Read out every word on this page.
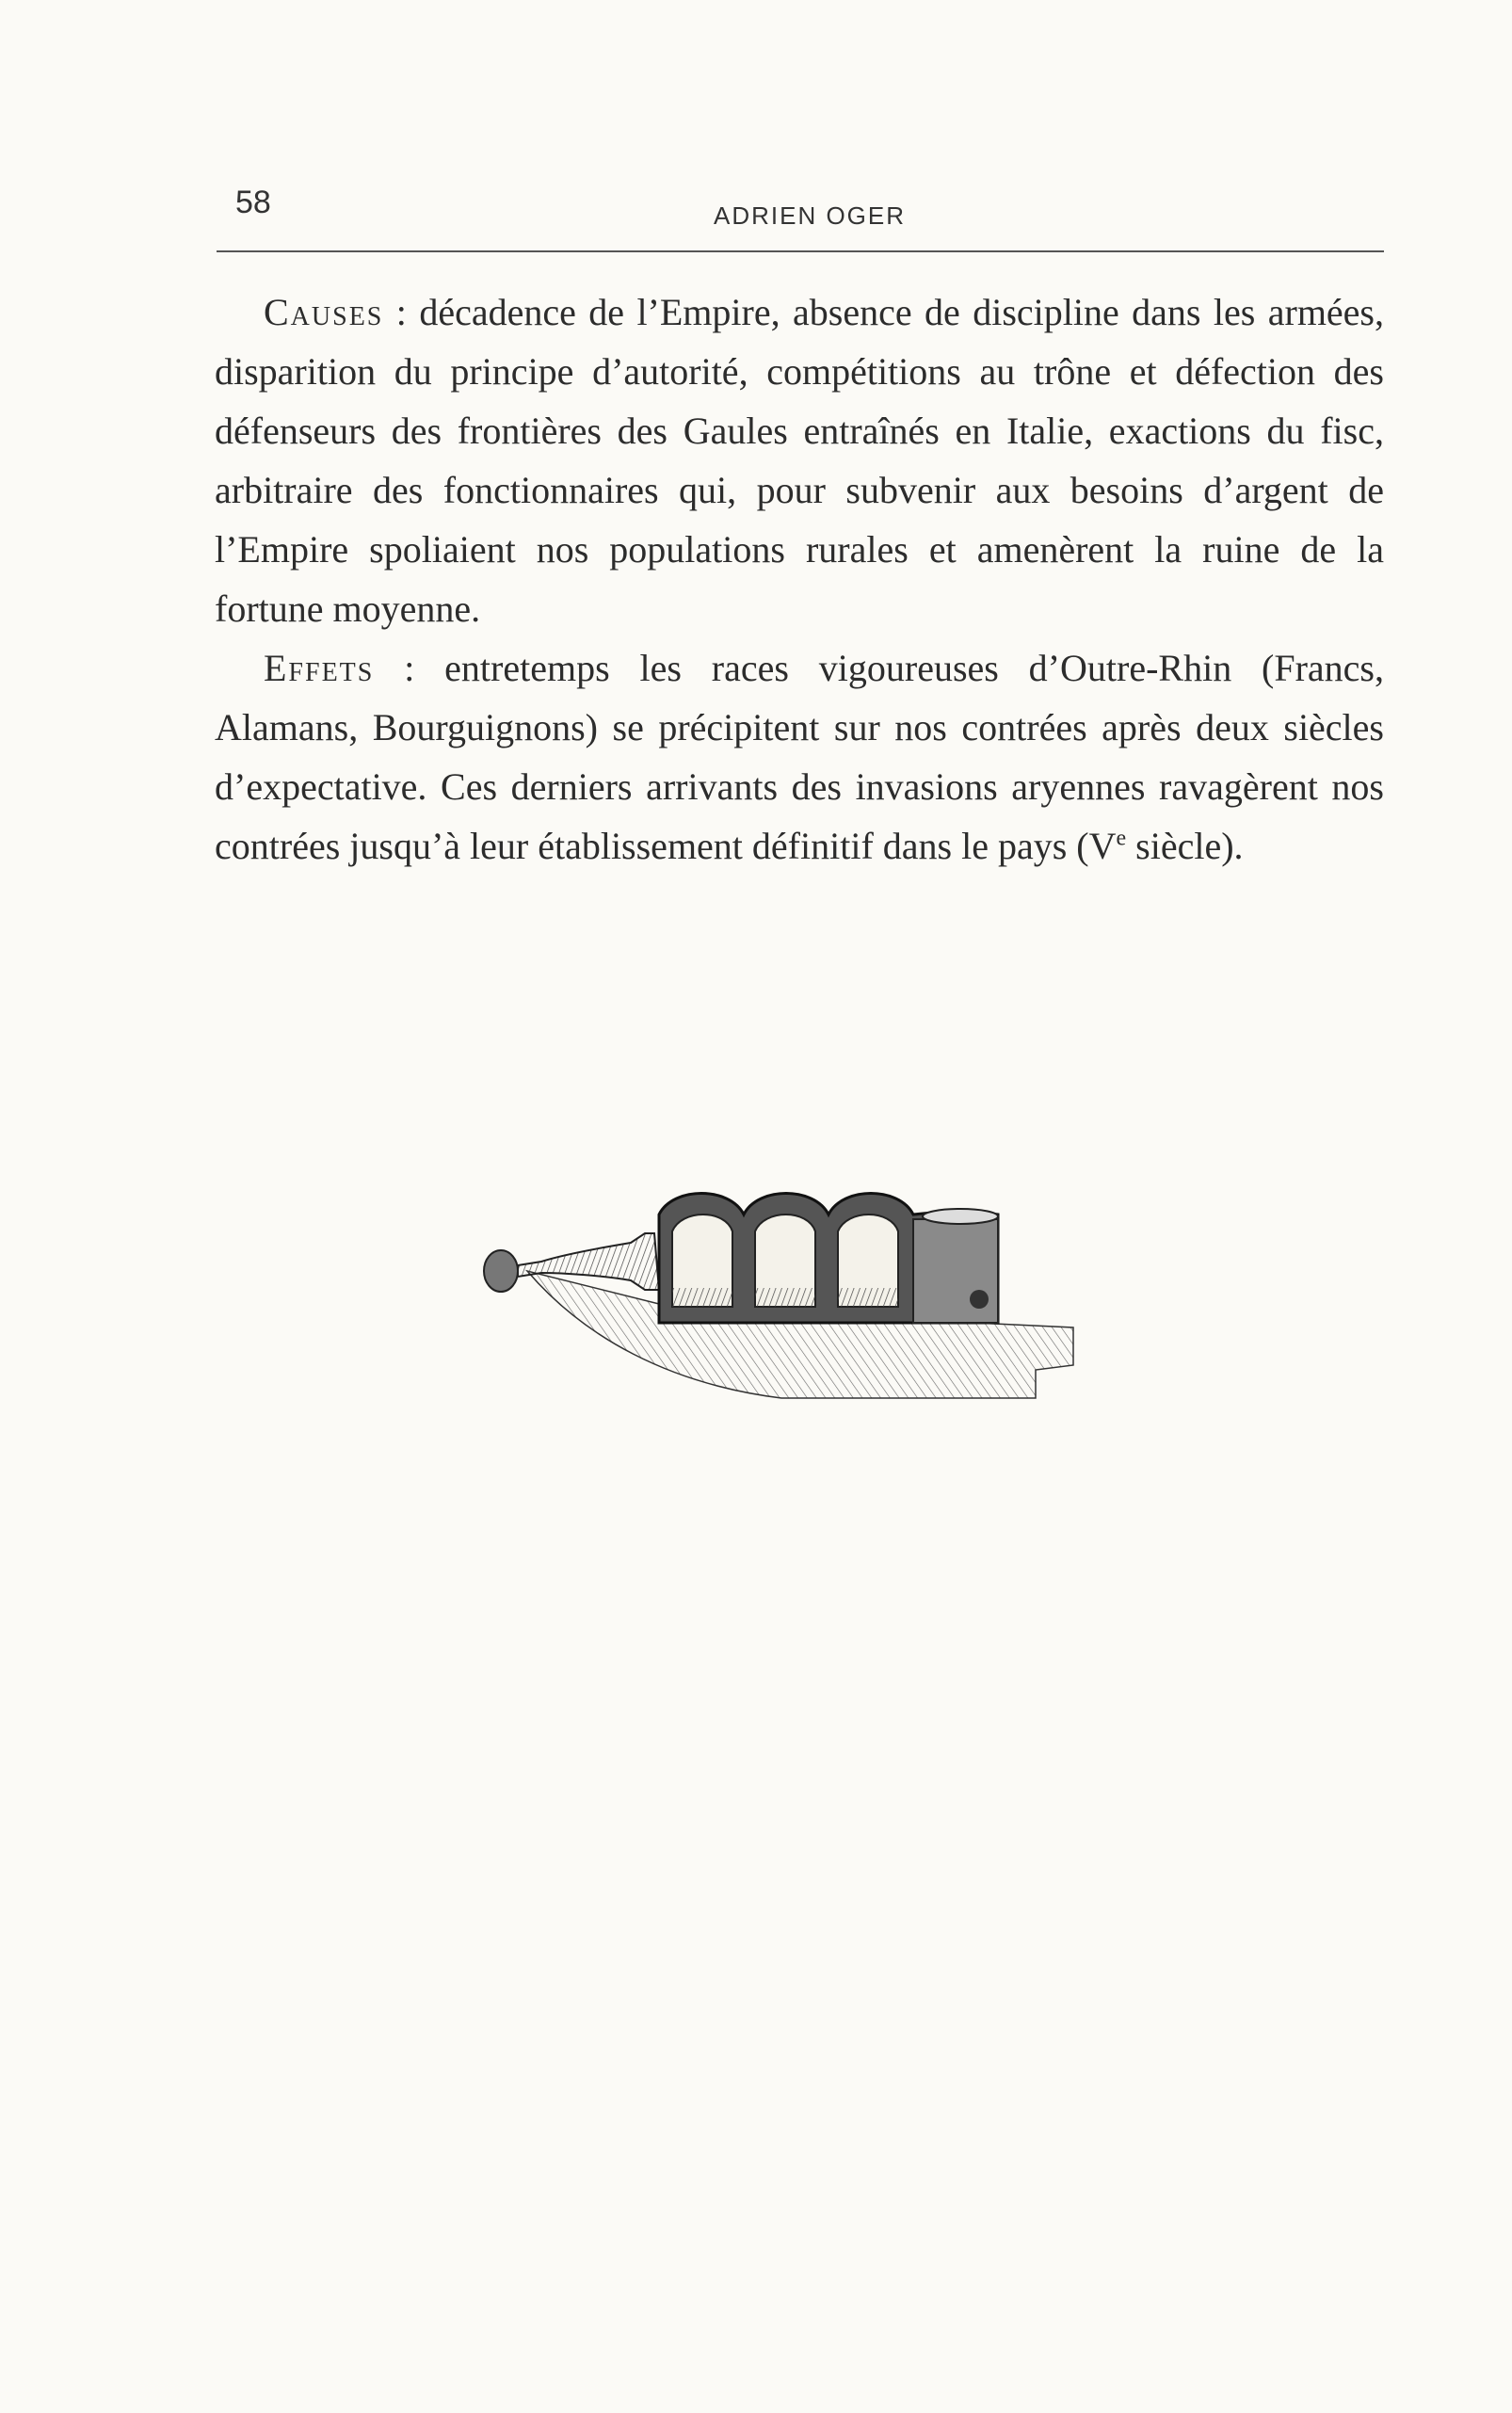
58	ADRIEN OGER

Causes : décadence de l’Empire, absence de discipline dans les armées, disparition du principe d’autorité, compétitions au trône et défection des défenseurs des frontières des Gaules entraînés en Italie, exactions du fisc, arbitraire des fonctionnaires qui, pour subvenir aux besoins d’argent de l’Empire spoliaient nos populations rurales et amenèrent la ruine de la fortune moyenne.

Effets : entretemps les races vigoureuses d’Outre-Rhin (Francs, Alamans, Bourguignons) se précipitent sur nos contrées après deux siècles d’expectative. Ces derniers arrivants des invasions aryennes ravagèrent nos contrées jusqu’à leur établissement définitif dans le pays (Ve siècle).
